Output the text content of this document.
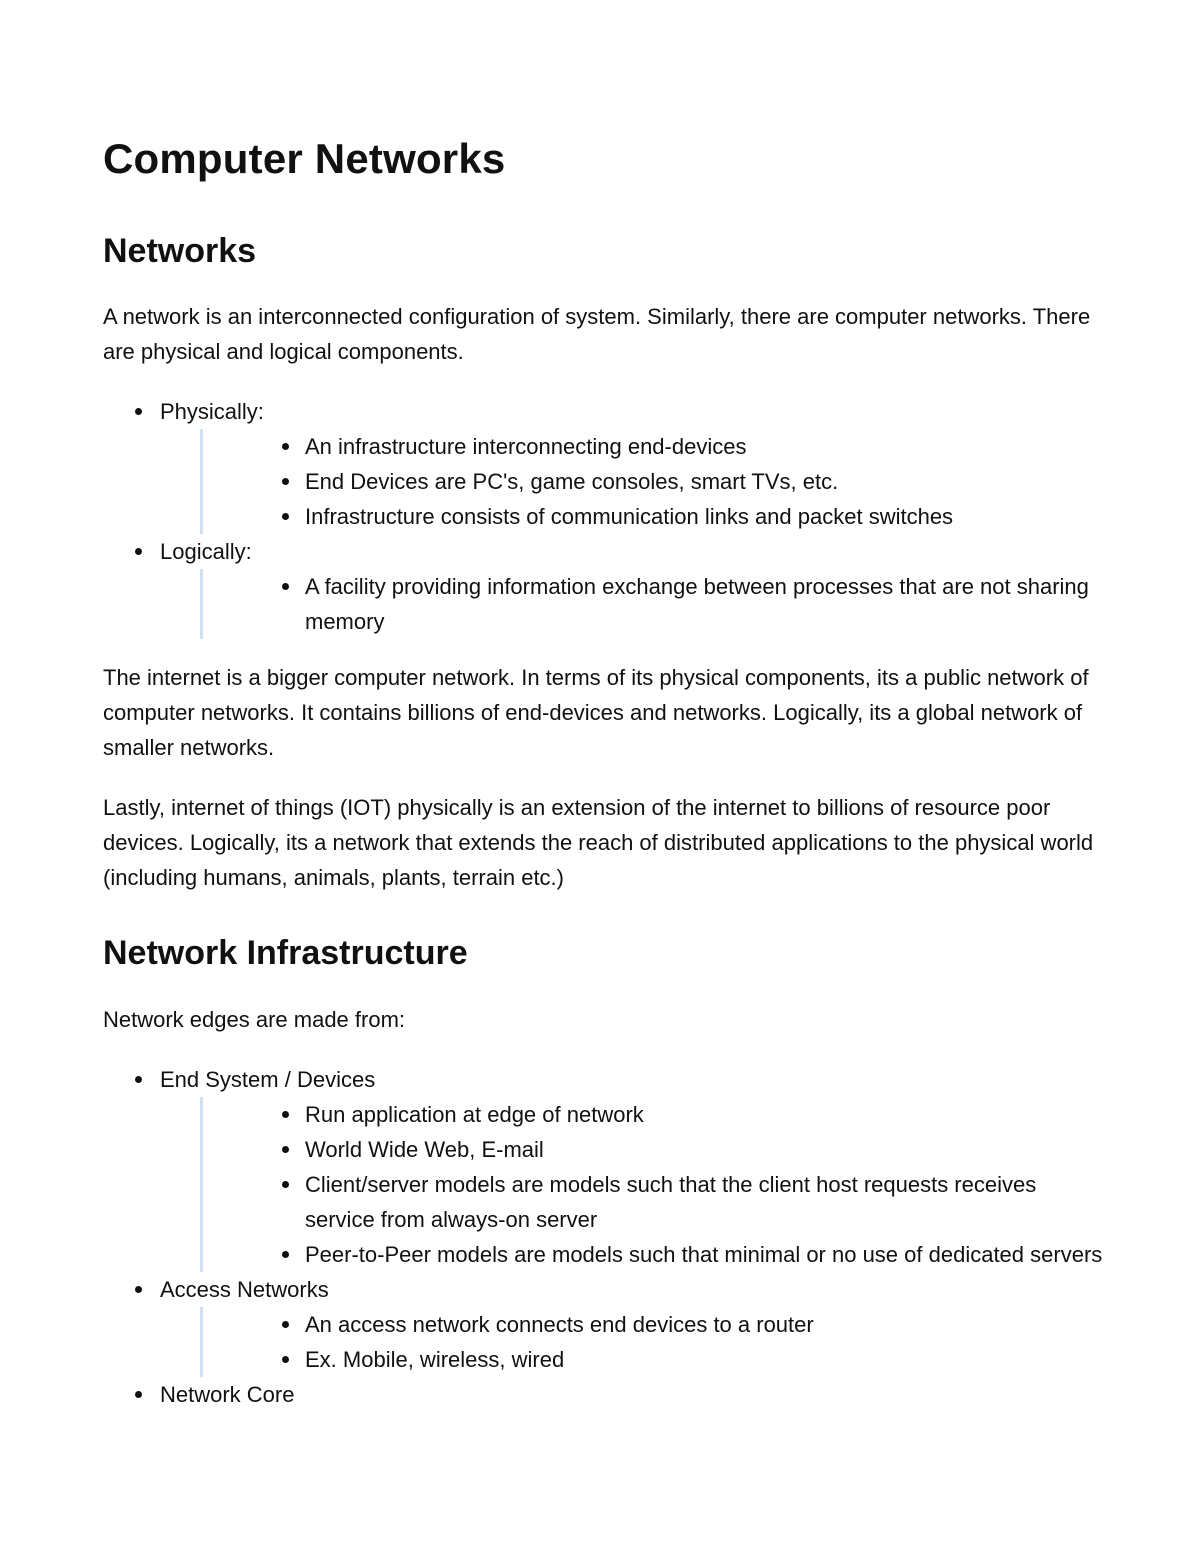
Computer Networks
Networks

A network is an interconnected configuration of system. Similarly, there are computer networks. There are physical and logical components.

Physically:
An infrastructure interconnecting end-devices
End Devices are PC's, game consoles, smart TVs, etc.
Infrastructure consists of communication links and packet switches
Logically:
A facility providing information exchange between processes that are not sharing memory

The internet is a bigger computer network. In terms of its physical components, its a public network of computer networks. It contains billions of end-devices and networks. Logically, its a global network of smaller networks.

Lastly, internet of things (IOT) physically is an extension of the internet to billions of resource poor devices. Logically, its a network that extends the reach of distributed applications to the physical world (including humans, animals, plants, terrain etc.)

Network Infrastructure

Network edges are made from:

End System / Devices
Run application at edge of network
World Wide Web, E-mail
Client/server models are models such that the client host requests receives service from always-on server
Peer-to-Peer models are models such that minimal or no use of dedicated servers
Access Networks
An access network connects end devices to a router
Ex. Mobile, wireless, wired
Network Core
